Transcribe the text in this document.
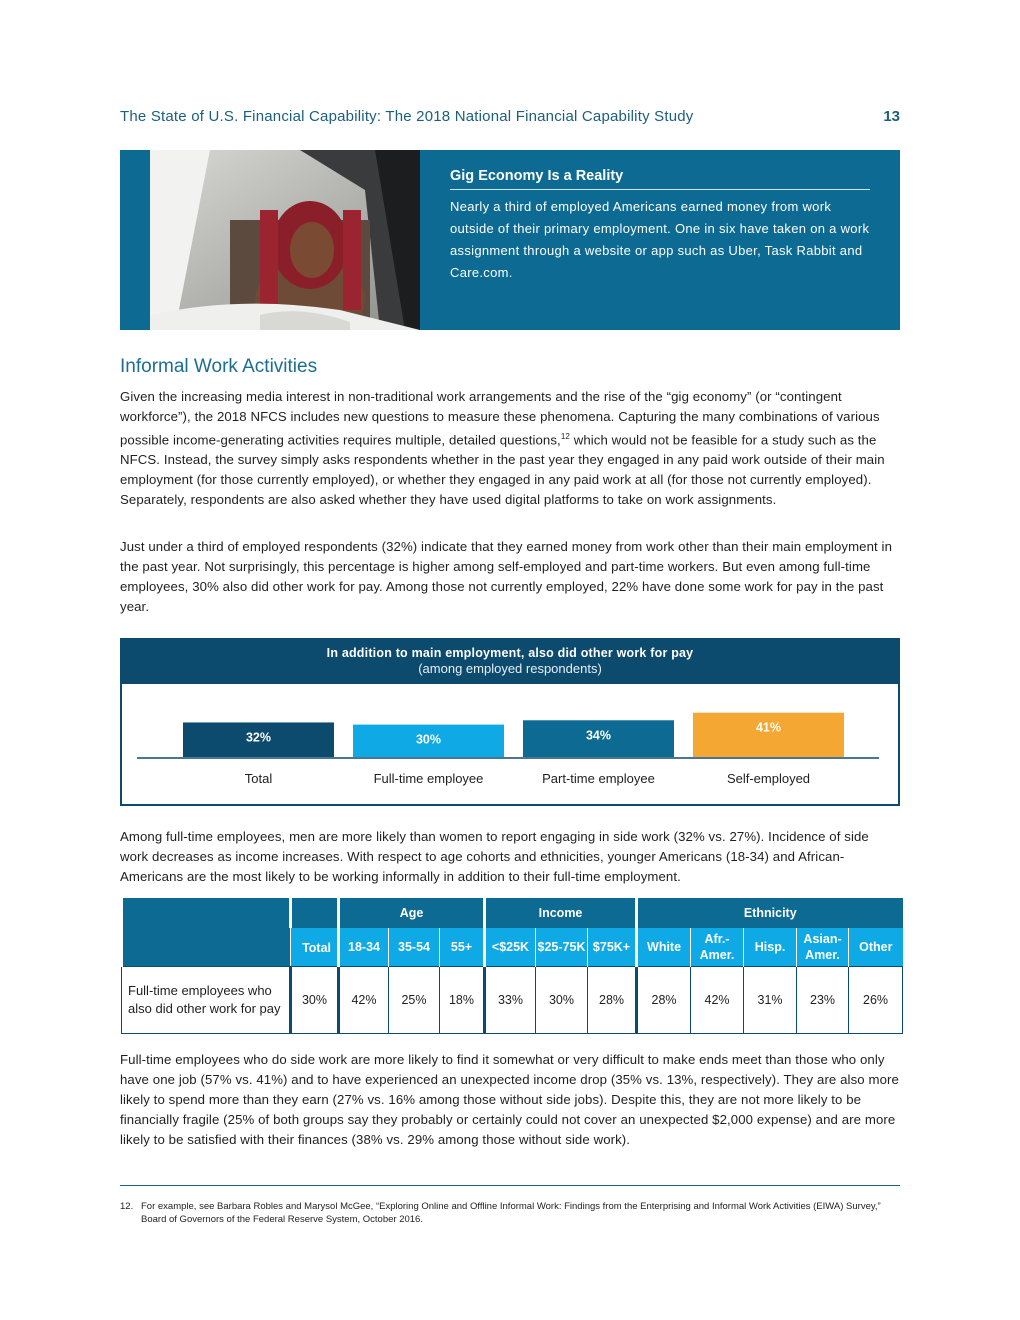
The State of U.S. Financial Capability: The 2018 National Financial Capability Study	13
Gig Economy Is a Reality

Nearly a third of employed Americans earned money from work outside of their primary employment. One in six have taken on a work assignment through a website or app such as Uber, Task Rabbit and Care.com.

Informal Work Activities
Given the increasing media interest in non-traditional work arrangements and the rise of the “gig economy” (or “contingent workforce”), the 2018 NFCS includes new questions to measure these phenomena. Capturing the many combinations of various possible income-generating activities requires multiple, detailed questions,$^{12}$ which would not be feasible for a study such as the NFCS. Instead, the survey simply asks respondents whether in the past year they engaged in any paid work outside of their main employment (for those currently employed), or whether they engaged in any paid work at all (for those not currently employed). Separately, respondents are also asked whether they have used digital platforms to take on work assignments.
Just under a third of employed respondents (32%) indicate that they earned money from work other than their main employment in the past year. Not surprisingly, this percentage is higher among self-employed and part-time workers. But even among full-time employees, 30% also did other work for pay. Among those not currently employed, 22% have done some work for pay in the past year.
In addition to main employment, also did other work for pay
(among employed respondents)
32%
Total
30%
Full-time employee
34%
Part-time employee
41%
Self-employed
Among full-time employees, men are more likely than women to report engaging in side work (32% vs. 27%). Incidence of side work decreases as income increases. With respect to age cohorts and ethnicities, younger Americans (18-34) and African-Americans are the most likely to be working informally in addition to their full-time employment.
		Age			Income			Ethnicity				
	Total	18-34	35-54	55+	<$25K	$25-75K	$75K+	White	Afr.-Amer.	Hisp.	Asian-Amer.	Other
Full-time employees who also did other work for pay	30%	42%	25%	18%	33%	30%	28%	28%	42%	31%	23%	26%
Full-time employees who do side work are more likely to find it somewhat or very difficult to make ends meet than those who only have one job (57% vs. 41%) and to have experienced an unexpected income drop (35% vs. 13%, respectively). They are also more likely to spend more than they earn (27% vs. 16% among those without side jobs). Despite this, they are not more likely to be financially fragile (25% of both groups say they probably or certainly could not cover an unexpected $2,000 expense) and are more likely to be satisfied with their finances (38% vs. 29% among those without side work).
12. For example, see Barbara Robles and Marysol McGee, “Exploring Online and Offline Informal Work: Findings from the Enterprising and Informal Work Activities (EIWA) Survey,” Board of Governors of the Federal Reserve System, October 2016.
